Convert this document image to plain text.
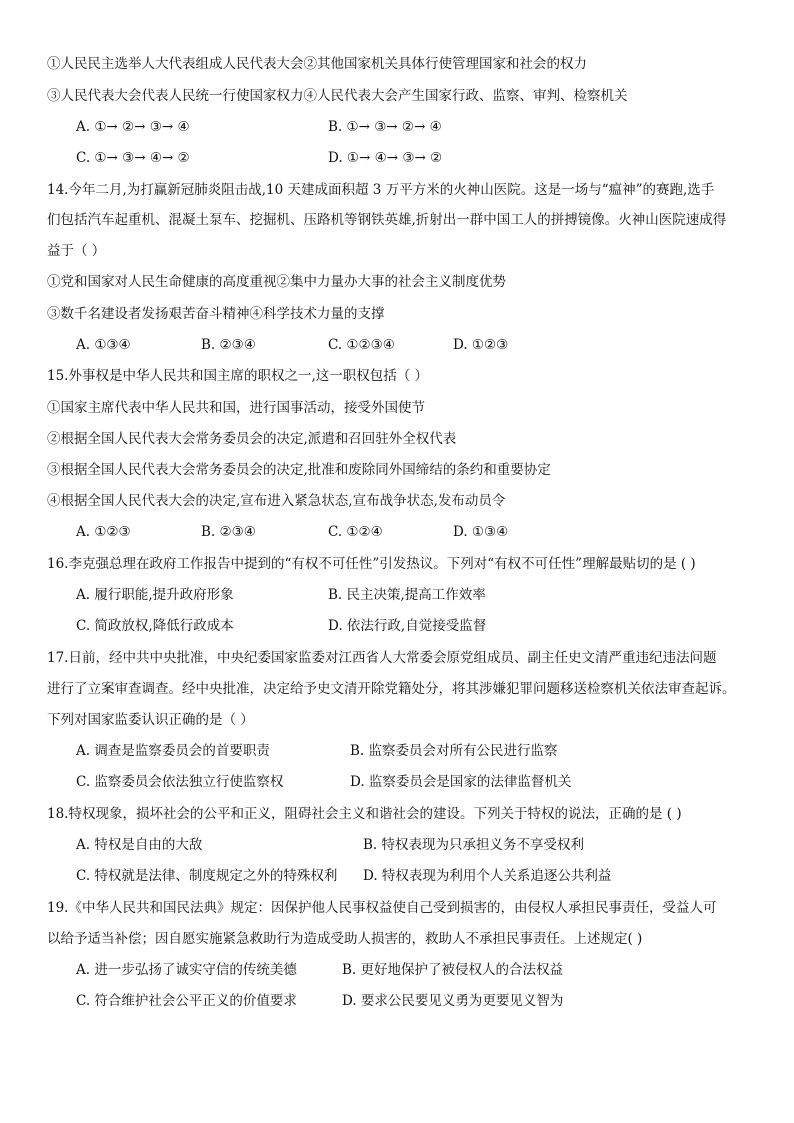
①人民民主选举人大代表组成人民代表大会②其他国家机关具体行使管理国家和社会的权力
③人民代表大会代表人民统一行使国家权力④人民代表大会产生国家行政、监察、审判、检察机关
A. ①→ ②→ ③→ ④	B. ①→ ③→ ②→ ④
C. ①→ ③→ ④→ ②	D. ①→ ④→ ③→ ②
14.今年二月,为打赢新冠肺炎阻击战,10 天建成面积超 3 万平方米的火神山医院。这是一场与“瘟神”的赛跑,选手
们包括汽车起重机、混凝土泵车、挖掘机、压路机等钢铁英雄,折射出一群中国工人的拼搏镜像。火神山医院速成得
益于（ ）
①党和国家对人民生命健康的高度重视②集中力量办大事的社会主义制度优势
③数千名建设者发扬艰苦奋斗精神④科学技术力量的支撑
A. ①③④	B. ②③④	C. ①②③④	D. ①②③
15.外事权是中华人民共和国主席的职权之一,这一职权包括（ ）
①国家主席代表中华人民共和国，进行国事活动，接受外国使节
②根据全国人民代表大会常务委员会的决定,派遣和召回驻外全权代表
③根据全国人民代表大会常务委员会的决定,批准和废除同外国缔结的条约和重要协定
④根据全国人民代表大会的决定,宣布进入紧急状态,宣布战争状态,发布动员令
A. ①②③	B. ②③④	C. ①②④	D. ①③④
16.李克强总理在政府工作报告中提到的“有权不可任性”引发热议。下列对“有权不可任性”理解最贴切的是 ( )
A. 履行职能,提升政府形象	B. 民主决策,提高工作效率
C. 简政放权,降低行政成本	D. 依法行政,自觉接受监督
17.日前，经中共中央批准，中央纪委国家监委对江西省人大常委会原党组成员、副主任史文清严重违纪违法问题
进行了立案审查调查。经中央批准，决定给予史文清开除党籍处分，将其涉嫌犯罪问题移送检察机关依法审查起诉。
下列对国家监委认识正确的是（ ）
A. 调查是监察委员会的首要职责	B. 监察委员会对所有公民进行监察
C. 监察委员会依法独立行使监察权	D. 监察委员会是国家的法律监督机关
18.特权现象，损坏社会的公平和正义，阻碍社会主义和谐社会的建设。下列关于特权的说法，正确的是 ( )
A. 特权是自由的大敌	B. 特权表现为只承担义务不享受权利
C. 特权就是法律、制度规定之外的特殊权利 D. 特权表现为利用个人关系追逐公共利益
19.《中华人民共和国民法典》规定：因保护他人民事权益使自己受到损害的，由侵权人承担民事责任，受益人可
以给予适当补偿；因自愿实施紧急救助行为造成受助人损害的，救助人不承担民事责任。上述规定( )
A. 进一步弘扬了诚实守信的传统美德	B. 更好地保护了被侵权人的合法权益
C. 符合维护社会公平正义的价值要求	D. 要求公民要见义勇为更要见义智为
